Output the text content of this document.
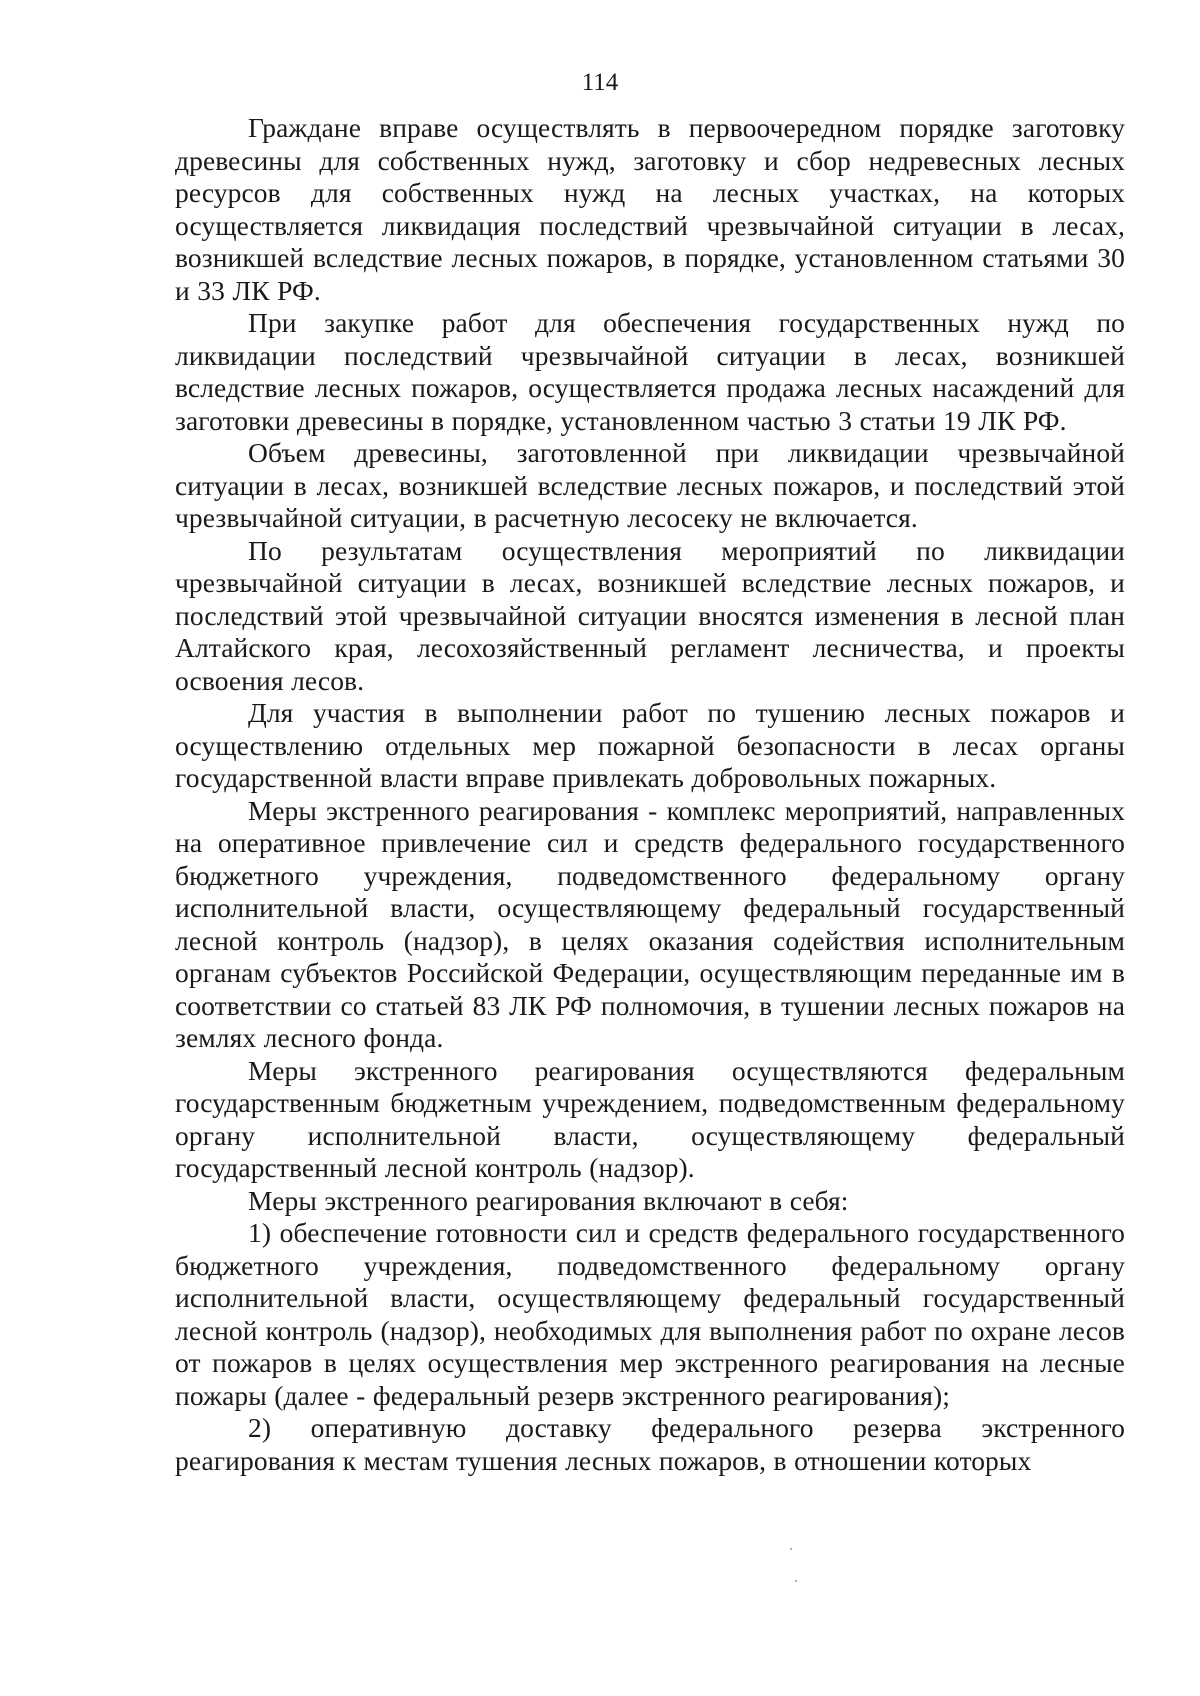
114

Граждане вправе осуществлять в первоочередном порядке заготовку древесины для собственных нужд, заготовку и сбор недревесных лесных ресурсов для собственных нужд на лесных участках, на которых осуществляется ликвидация последствий чрезвычайной ситуации в лесах, возникшей вследствие лесных пожаров, в порядке, установленном статьями 30 и 33 ЛК РФ.

При закупке работ для обеспечения государственных нужд по ликвидации последствий чрезвычайной ситуации в лесах, возникшей вследствие лесных пожаров, осуществляется продажа лесных насаждений для заготовки древесины в порядке, установленном частью 3 статьи 19 ЛК РФ.

Объем древесины, заготовленной при ликвидации чрезвычайной ситуации в лесах, возникшей вследствие лесных пожаров, и последствий этой чрезвычайной ситуации, в расчетную лесосеку не включается.

По результатам осуществления мероприятий по ликвидации чрезвычайной ситуации в лесах, возникшей вследствие лесных пожаров, и последствий этой чрезвычайной ситуации вносятся изменения в лесной план Алтайского края, лесохозяйственный регламент лесничества, и проекты освоения лесов.

Для участия в выполнении работ по тушению лесных пожаров и осуществлению отдельных мер пожарной безопасности в лесах органы государственной власти вправе привлекать добровольных пожарных.

Меры экстренного реагирования - комплекс мероприятий, направленных на оперативное привлечение сил и средств федерального государственного бюджетного учреждения, подведомственного федеральному органу исполнительной власти, осуществляющему федеральный государственный лесной контроль (надзор), в целях оказания содействия исполнительным органам субъектов Российской Федерации, осуществляющим переданные им в соответствии со статьей 83 ЛК РФ полномочия, в тушении лесных пожаров на землях лесного фонда.

Меры экстренного реагирования осуществляются федеральным государственным бюджетным учреждением, подведомственным федеральному органу исполнительной власти, осуществляющему федеральный государственный лесной контроль (надзор).

Меры экстренного реагирования включают в себя:

1) обеспечение готовности сил и средств федерального государственного бюджетного учреждения, подведомственного федеральному органу исполнительной власти, осуществляющему федеральный государственный лесной контроль (надзор), необходимых для выполнения работ по охране лесов от пожаров в целях осуществления мер экстренного реагирования на лесные пожары (далее - федеральный резерв экстренного реагирования);

2) оперативную доставку федерального резерва экстренного реагирования к местам тушения лесных пожаров, в отношении которых
